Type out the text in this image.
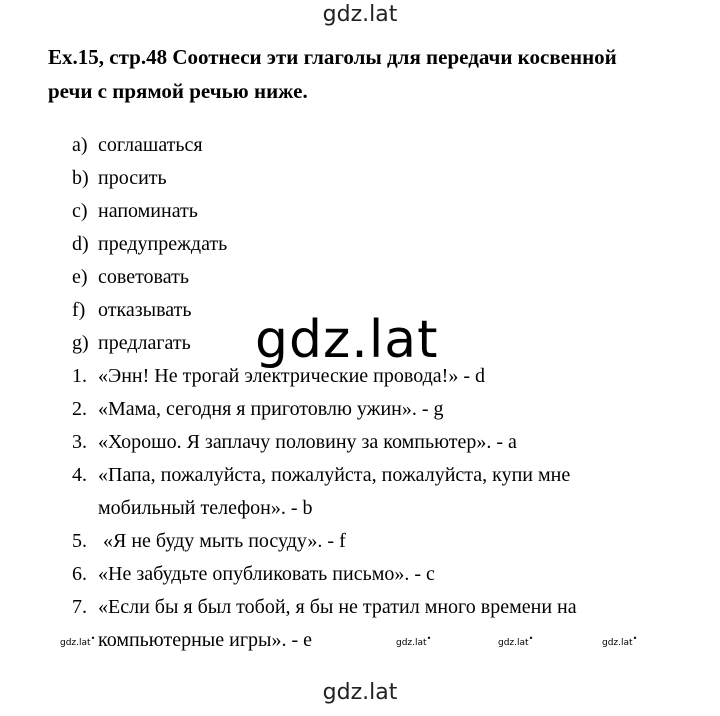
gdz.lat
Ex.15, стр.48 Соотнеси эти глаголы для передачи косвенной
речи с прямой речью ниже.
a) соглашаться
b) просить
c) напоминать
d) предупреждать
e) советовать
f) отказывать
g) предлагать gdz.lat
1. «Энн! Не трогай электрические провода!» - d
2. «Мама, сегодня я приготовлю ужин». - g
3. «Хорошо. Я заплачу половину за компьютер». - a
4. «Папа, пожалуйста, пожалуйста, пожалуйста, купи мне
мобильный телефон». - b
5. «Я не буду мыть посуду». - f
6. «Не забудьте опубликовать письмо». - c
7. «Если бы я был тобой, я бы не тратил много времени на
компьютерные игры». - e
gdz.lat•	gdz.lat•	gdz.lat•	gdz.lat•
gdz.lat
